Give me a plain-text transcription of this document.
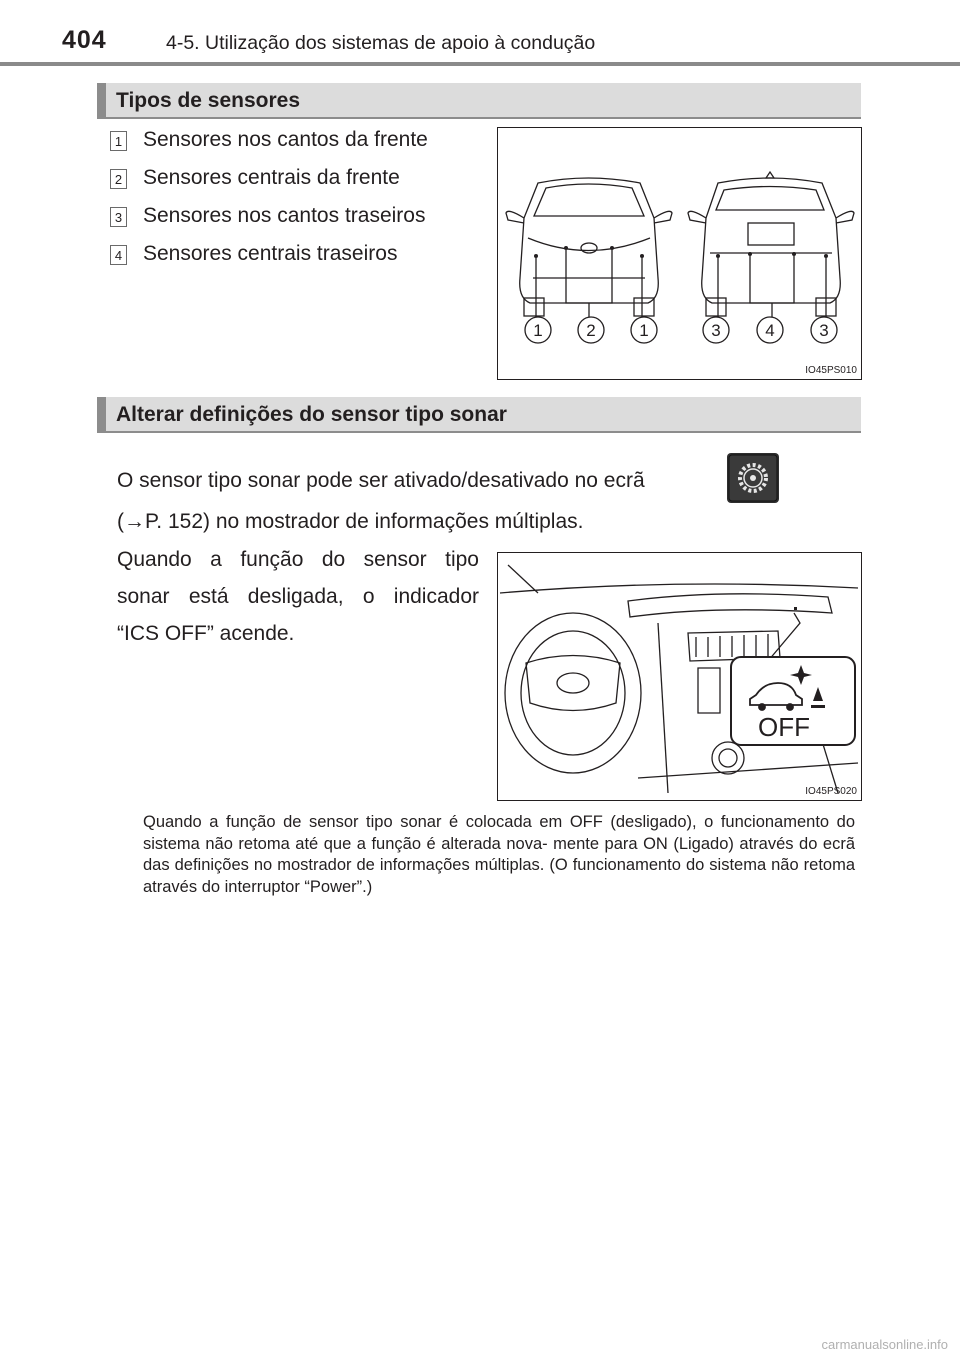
404	4-5. Utilização dos sistemas de apoio à condução
Tipos de sensores
1 Sensores nos cantos da frente
2 Sensores centrais da frente
3 Sensores nos cantos traseiros
4 Sensores centrais traseiros
1	2	1	3	4	3
IO45PS010
Alterar definições do sensor tipo sonar
O sensor tipo sonar pode ser ativado/desativado no ecrã
(→P. 152) no mostrador de informações múltiplas.
Quando a função do sensor tipo
sonar está desligada, o indicador
“ICS OFF” acende.
OFF
IO45PS020
Quando a função de sensor tipo sonar é colocada em OFF (desligado), o funcionamento do sistema não retoma até que a função é alterada nova- mente para ON (Ligado) através do ecrã das definições no mostrador de informações múltiplas. (O funcionamento do sistema não retoma através do interruptor “Power”.)
carmanualsonline.info
